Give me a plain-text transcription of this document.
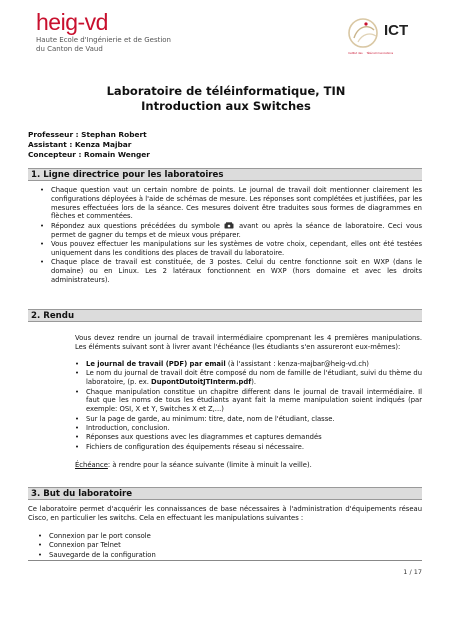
heig-vd
Haute Ecole d'Ingénierie et de Gestion
du Canton de Vaud
ICT
Institut des Télécommunications
Laboratoire de téléinformatique, TIN
Introduction aux Switches
Professeur : Stephan Robert
Assistant : Kenza Majbar
Concepteur : Romain Wenger
1. Ligne directrice pour les laboratoires
• Chaque question vaut un certain nombre de points. Le journal de travail doit mentionner clairement les configurations déployées à l'aide de schémas de mesure. Les réponses sont complétées et justifiées, par les mesures effectuées lors de la séance. Ces mesures doivent être traduites sous formes de diagrammes en flèches et commentées.
• Répondez aux questions précédées du symbole	avant ou après la séance de laboratoire. Ceci vous permet de gagner du temps et de mieux vous préparer.
• Vous pouvez effectuer les manipulations sur les systèmes de votre choix, cependant, elles ont été testées uniquement dans les conditions des places de travail du laboratoire.
• Chaque place de travail est constituée, de 3 postes. Celui du centre fonctionne soit en WXP (dans le domaine) ou en Linux. Les 2 latéraux fonctionnent en WXP (hors domaine et avec les droits administrateurs).
2. Rendu
Vous devez rendre un journal de travail intermédiaire cpomprenant les 4 premières manipulations. Les éléments suivant sont à livrer avant l'échéance (les étudiants s'en assureront eux-mêmes):
• Le journal de travail (PDF) par email (à l'assistant : kenza-majbar@heig-vd.ch)
• Le nom du journal de travail doit être composé du nom de famille de l'étudiant, suivi du thème du laboratoire, (p. ex. DupontDutoitJTInterm.pdf).
• Chaque manipulation constitue un chapitre different dans le journal de travail intermédiaire. Il faut que les noms de tous les étudiants ayant fait la meme manipulation soient indiqués (par exemple: OSI, X et Y, Switches X et Z,...)
• Sur la page de garde, au minimum: titre, date, nom de l'étudiant, classe.
• Introduction, conclusion.
• Réponses aux questions avec les diagrammes et captures demandés
• Fichiers de configuration des équipements réseau si nécessaire.
Échéance: à rendre pour la séance suivante (limite à minuit la veille).
3. But du laboratoire
Ce laboratoire permet d'acquérir les connaissances de base nécessaires à l'administration d'équipements réseau Cisco, en particulier les switchs. Cela en effectuant les manipulations suivantes :
• Connexion par le port console
• Connexion par Telnet
• Sauvegarde de la configuration
1 / 17
